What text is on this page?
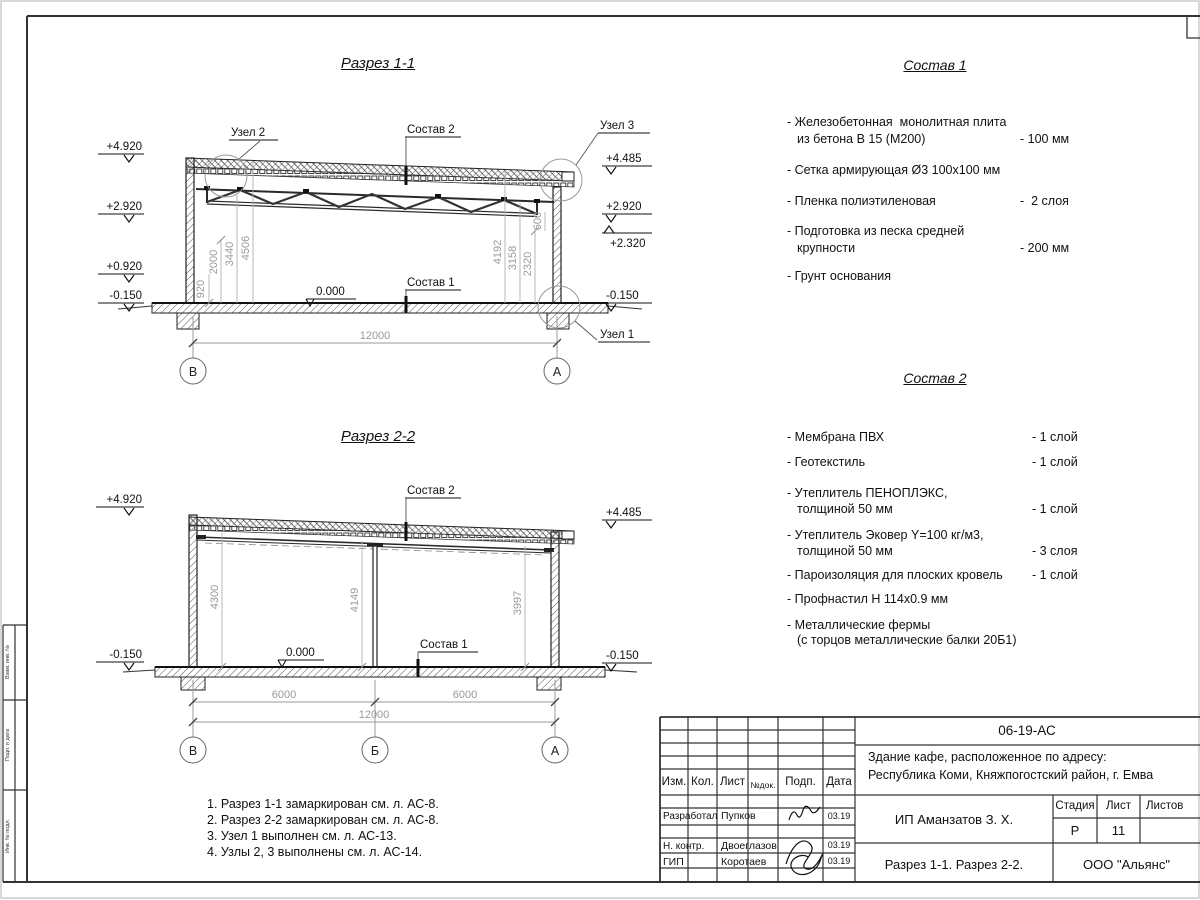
Взам. инв. №
Подп. и дата
Инв. № подл.
12000
В	А
920
2000 3440 4506	4192 3158 2320
600
+4.920
+2.920
+0.920
-0.150
+4.485
+2.920
+2.320
-0.150
Узел 2	Состав 2	Узел 3
Узел 1
Состав 1
0.000
6000	6000
12000
В	Б	А
4300	4149	3997
+4.920
-0.150
+4.485
-0.150
Состав 2
Состав 1
0.000
Разрез 1-1
Разрез 2-2
Состав 1
- Железобетонная  монолитная плита
из бетона В 15 (М200)	- 100 мм
- Сетка армирующая Ø3 100x100 мм
- Пленка полиэтиленовая	-  2 слоя
- Подготовка из песка средней
крупности	- 200 мм
- Грунт основания
Состав 2
- Мембрана ПВХ	- 1 слой
- Геотекстиль	- 1 слой
- Утеплитель ПЕНОПЛЭКС,
толщиной 50 мм	- 1 слой
- Утеплитель Эковер Y=100 кг/м3,
толщиной 50 мм	- 3 слоя
- Пароизоляция для плоских кровель - 1 слой
- Профнастил Н 114x0.9 мм
- Металлические фермы
(с торцов металлические балки 20Б1)
1. Разрез 1-1 замаркирован см. л. АС-8.
2. Разрез 2-2 замаркирован см. л. АС-8.
3. Узел 1 выполнен см. л. АС-13.
4. Узлы 2, 3 выполнены см. л. АС-14.
06-19-АС
Здание кафе, расположенное по адресу:
Республика Коми, Княжпогостский район, г. Емва
Изм. Кол. Лист №док. Подп. Дата
Разработал Пупков	03.19
Н. контр. Двоеглазов	03.19
ГИП	Коротаев	03.19
ИП Аманзатов З. Х.
Стадия Лист	Листов
Р	11
Разрез 1-1. Разрез 2-2.	ООО "Альянс"
